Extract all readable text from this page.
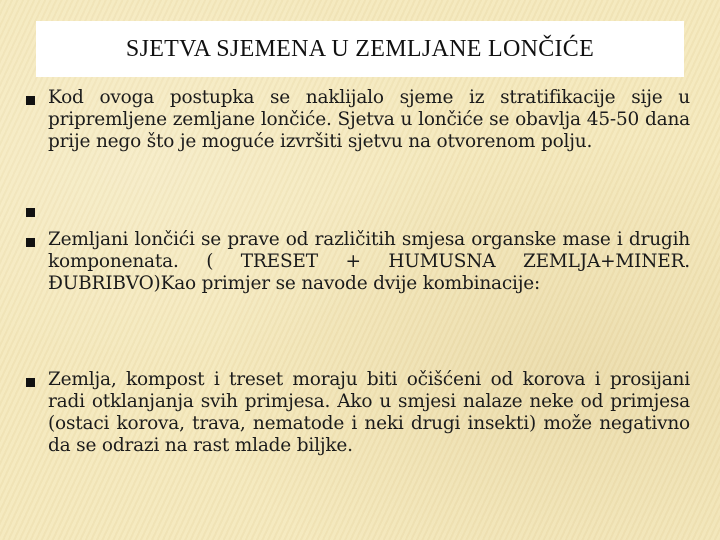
SJETVA SJEMENA U ZEMLJANE LONČIĆE
Kod ovoga postupka se naklijalo sjeme iz stratifikacije sije u pripremljene zemljane lončiće. Sjetva u lončiće se obavlja 45-50 dana prije nego što je moguće izvršiti sjetvu na otvorenom polju.
Zemljani lončići se prave od različitih smjesa organske mase i drugih komponenata. ( TRESET + HUMUSNA ZEMLJA+MINER. ĐUBRIBVO)Kao primjer se navode dvije kombinacije:
Zemlja, kompost i treset moraju biti očišćeni od korova i prosijani radi otklanjanja svih primjesa. Ako u smjesi nalaze neke od primjesa (ostaci korova, trava, nematode i neki drugi insekti) može negativno da se odrazi na rast mlade biljke.
